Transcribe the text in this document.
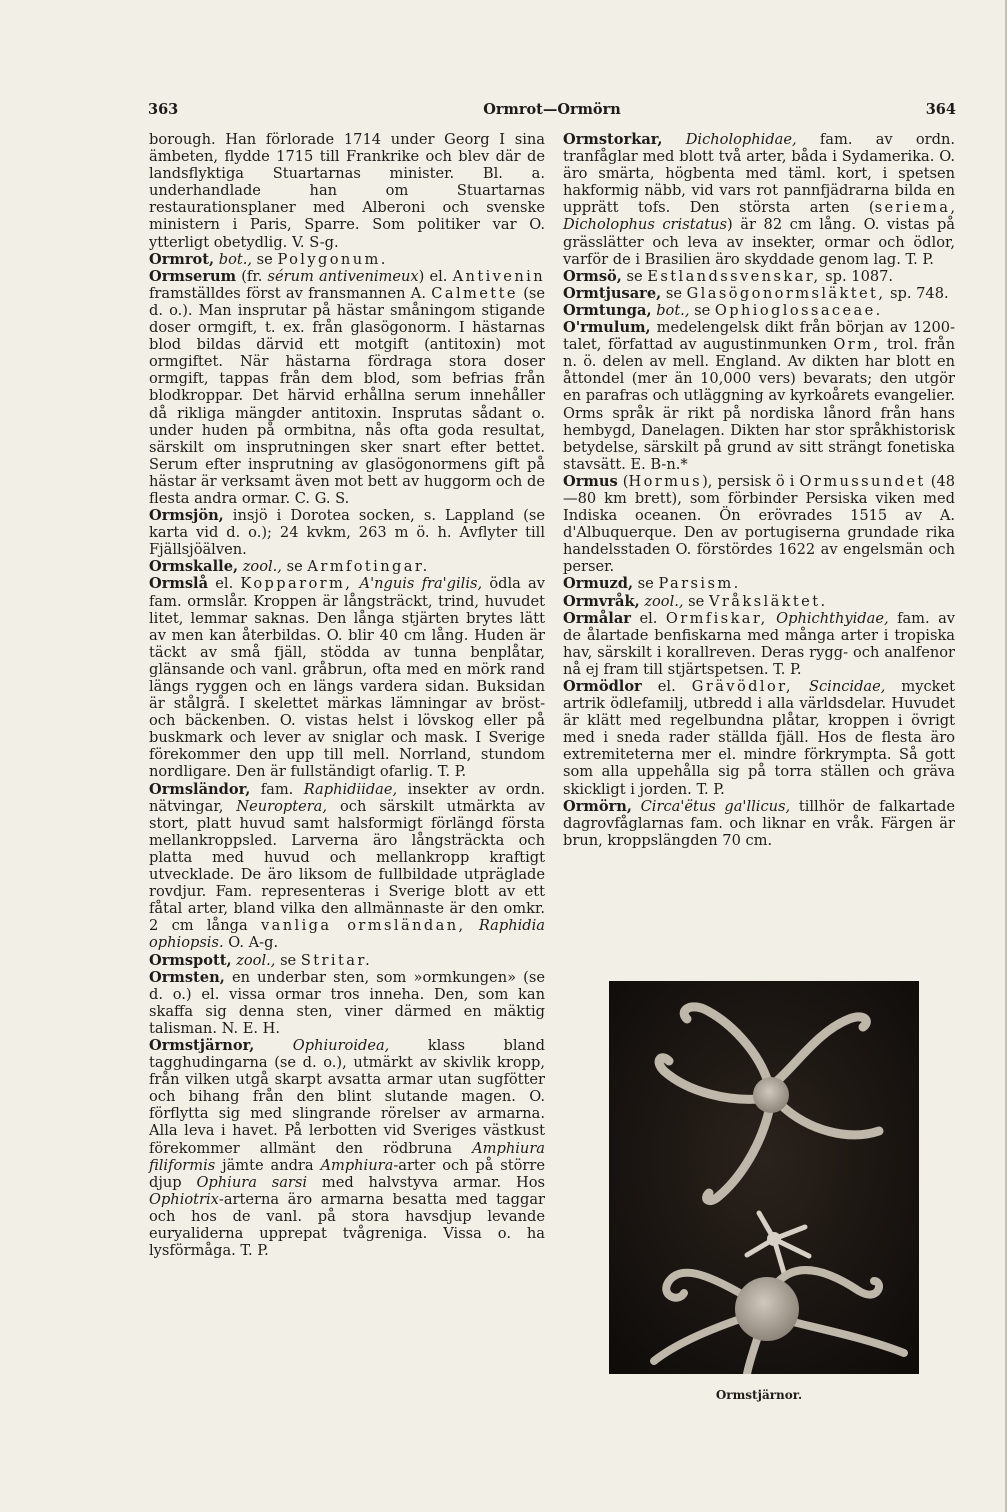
363	Ormrot—Ormörn	364

borough. Han förlorade 1714 under Georg I sina ämbeten, flydde 1715 till Frankrike och blev där de landsflyktiga Stuartarnas minister. Bl. a. underhandlade han om Stuartarnas restaurationsplaner med Alberoni och svenske ministern i Paris, Sparre. Som politiker var O. ytterligt obetydlig. V. S-g.

Ormrot, bot., se Polygonum.

Ormserum (fr. sérum antivenimeux) el. Antivenin framställdes först av fransmannen A. Calmette (se d. o.). Man insprutar på hästar småningom stigande doser ormgift, t. ex. från glasögonorm. I hästarnas blod bildas därvid ett motgift (antitoxin) mot ormgiftet. När hästarna fördraga stora doser ormgift, tappas från dem blod, som befrias från blodkroppar. Det härvid erhållna serum innehåller då rikliga mängder antitoxin. Insprutas sådant o. under huden på ormbitna, nås ofta goda resultat, särskilt om insprutningen sker snart efter bettet. Serum efter insprutning av glasögonormens gift på hästar är verksamt även mot bett av huggorm och de flesta andra ormar. C. G. S.

Ormsjön, insjö i Dorotea socken, s. Lappland (se karta vid d. o.); 24 kvkm, 263 m ö. h. Avflyter till Fjällsjöälven.

Ormskalle, zool., se Armfotingar.

Ormslå el. Kopparorm, A'nguis fra'gilis, ödla av fam. ormslår. Kroppen är långsträckt, trind, huvudet litet, lemmar saknas. Den långa stjärten brytes lätt av men kan återbildas. O. blir 40 cm lång. Huden är täckt av små fjäll, stödda av tunna benplåtar, glänsande och vanl. gråbrun, ofta med en mörk rand längs ryggen och en längs vardera sidan. Buksidan är stålgrå. I skelettet märkas lämningar av bröst- och bäckenben. O. vistas helst i lövskog eller på buskmark och lever av sniglar och mask. I Sverige förekommer den upp till mell. Norrland, stundom nordligare. Den är fullständigt ofarlig. T. P.

Ormsländor, fam. Raphidiidae, insekter av ordn. nätvingar, Neuroptera, och särskilt utmärkta av stort, platt huvud samt halsformigt förlängd första mellankroppsled. Larverna äro långsträckta och platta med huvud och mellankropp kraftigt utvecklade. De äro liksom de fullbildade utpräglade rovdjur. Fam. representeras i Sverige blott av ett fåtal arter, bland vilka den allmännaste är den omkr. 2 cm långa vanliga ormsländan, Raphidia ophiopsis. O. A-g.

Ormspott, zool., se Stritar.

Ormsten, en underbar sten, som »ormkungen» (se d. o.) el. vissa ormar tros inneha. Den, som kan skaffa sig denna sten, viner därmed en mäktig talisman. N. E. H.

Ormstjärnor,	Ophiuroidea,	klass bland tagghudingarna (se d. o.), utmärkt av skivlik kropp, från vilken utgå skarpt avsatta armar utan sugfötter och bihang från den blint slutande magen. O. förflytta sig med slingrande rörelser av armarna. Alla leva i havet. På lerbotten vid Sveriges västkust förekommer allmänt den rödbruna Amphiura filiformis jämte andra Amphiura-arter och på större djup Ophiura sarsi med halvstyva armar. Hos Ophiotrix-arterna äro armarna besatta med taggar och hos de vanl. på stora havsdjup levande euryaliderna upprepat tvågreniga. Vissa o. ha lysförmåga. T. P.

Ormstorkar, Dicholophidae, fam. av ordn. tranfåglar med blott två arter, båda i Sydamerika. O. äro smärta, högbenta med täml. kort, i spetsen hakformig näbb, vid vars rot pannfjädrarna bilda en upprätt tofs. Den största arten (seriema, Dicholophus cristatus) är 82 cm lång. O. vistas på grässlätter och leva av insekter, ormar och ödlor, varför de i Brasilien äro skyddade genom lag. T. P.

Ormsö, se Estlandssvenskar, sp. 1087.

Ormtjusare, se Glasögonormsläktet, sp. 748.

Ormtunga, bot., se Ophioglossaceae.

O'rmulum, medelengelsk dikt från början av 1200-talet, författad av augustinmunken Orm, trol. från n. ö. delen av mell. England. Av dikten har blott en åttondel (mer än 10,000 vers) bevarats; den utgör en parafras och utläggning av kyrkoårets evangelier. Orms språk är rikt på nordiska lånord från hans hembygd, Danelagen. Dikten har stor språkhistorisk betydelse, särskilt på grund av sitt strängt fonetiska stavsätt. E. B-n.*

Ormus (Hormus), persisk ö i Ormussundet (48—80 km brett), som förbinder Persiska viken med Indiska oceanen. Ön erövrades 1515 av A. d'Albuquerque. Den av portugiserna grundade rika handelsstaden O. förstördes 1622 av engelsmän och perser.

Ormuzd, se Parsism.

Ormvråk, zool., se Vråksläktet.

Ormålar el. Ormfiskar, Ophichthyidae, fam. av de ålartade benfiskarna med många arter i tropiska hav, särskilt i korallreven. Deras rygg- och analfenor nå ej fram till stjärtspetsen. T. P.

Ormödlor el. Grävödlor, Scincidae, mycket artrik ödlefamilj, utbredd i alla världsdelar. Huvudet är klätt med regelbundna plåtar, kroppen i övrigt med i sneda rader ställda fjäll. Hos de flesta äro extremiteterna mer el. mindre förkrympta. Så gott som alla uppehålla sig på torra ställen och gräva skickligt i jorden. T. P.

Ormörn, Circa'ëtus ga'llicus, tillhör de falkartade dagrovfåglarnas fam. och liknar en vråk. Färgen är brun, kroppslängden 70 cm.

Ormstjärnor.
